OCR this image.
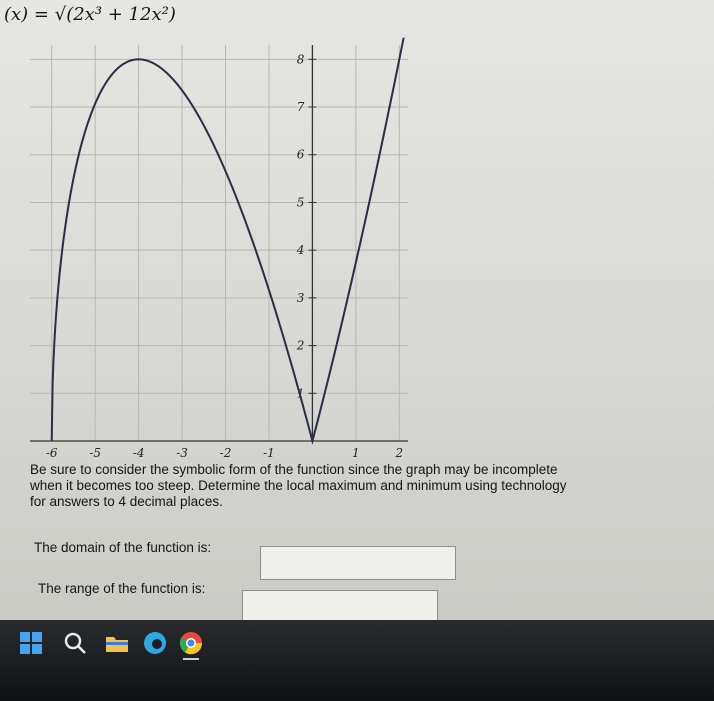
(x) = √(2x³ + 12x²)
-6	-5	-4	-3	-2	-1	1	2
1
2
3
4
5
6
7
8
Be sure to consider the symbolic form of the function since the graph may be incomplete
when it becomes too steep. Determine the local maximum and minimum using technology
for answers to 4 decimal places.
The domain of the function is:
The range of the function is:
